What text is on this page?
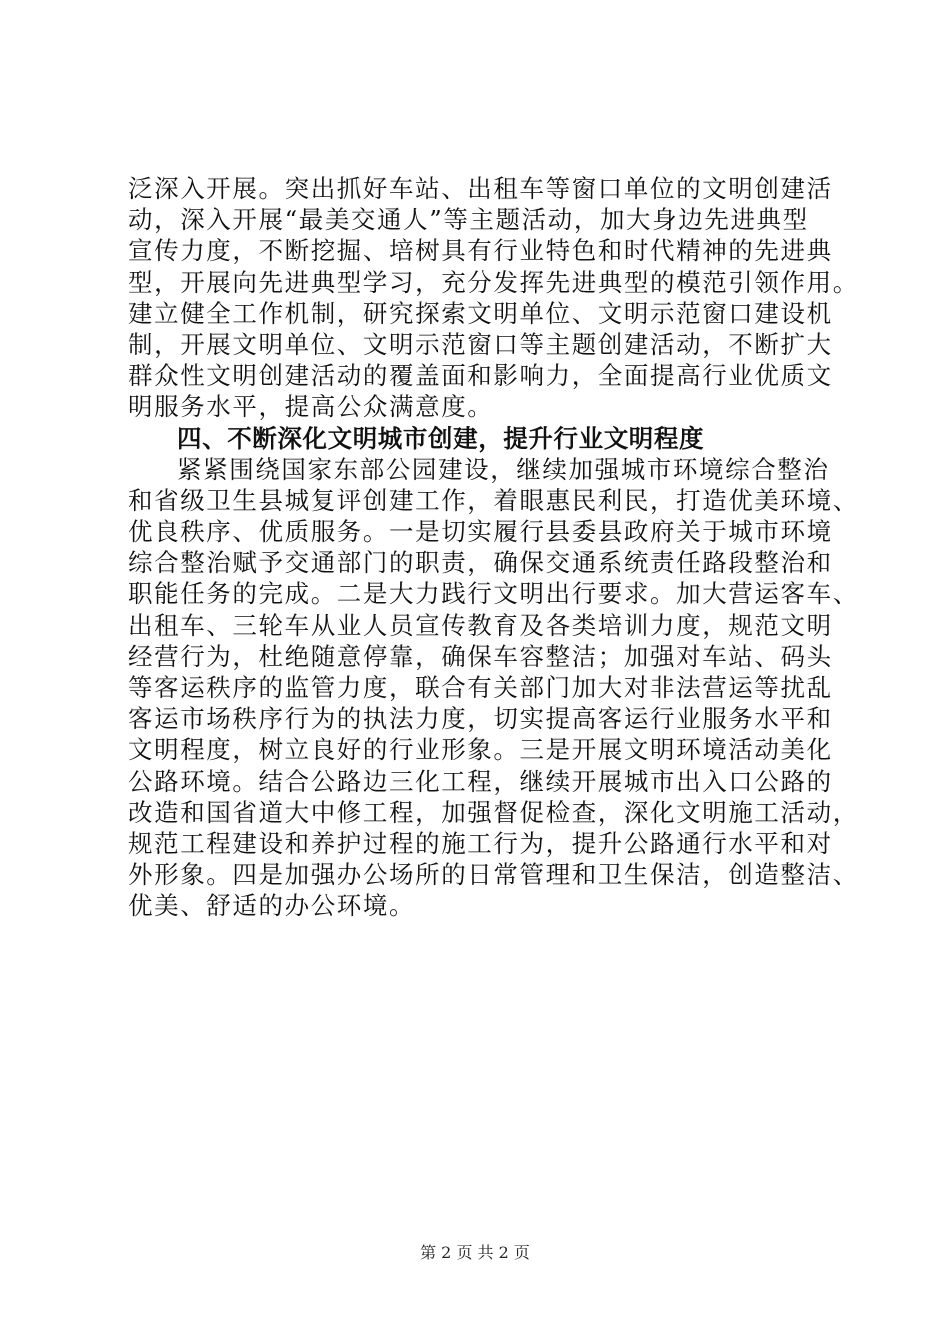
泛深入开展。突出抓好车站、出租车等窗口单位的文明创建活
动，深入开展“最美交通人”等主题活动，加大身边先进典型
宣传力度，不断挖掘、培树具有行业特色和时代精神的先进典
型，开展向先进典型学习，充分发挥先进典型的模范引领作用。
建立健全工作机制，研究探索文明单位、文明示范窗口建设机
制，开展文明单位、文明示范窗口等主题创建活动，不断扩大
群众性文明创建活动的覆盖面和影响力，全面提高行业优质文
明服务水平，提高公众满意度。
四、不断深化文明城市创建，提升行业文明程度
紧紧围绕国家东部公园建设，继续加强城市环境综合整治
和省级卫生县城复评创建工作，着眼惠民利民，打造优美环境、
优良秩序、优质服务。一是切实履行县委县政府关于城市环境
综合整治赋予交通部门的职责，确保交通系统责任路段整治和
职能任务的完成。二是大力践行文明出行要求。加大营运客车、
出租车、三轮车从业人员宣传教育及各类培训力度，规范文明
经营行为，杜绝随意停靠，确保车容整洁；加强对车站、码头
等客运秩序的监管力度，联合有关部门加大对非法营运等扰乱
客运市场秩序行为的执法力度，切实提高客运行业服务水平和
文明程度，树立良好的行业形象。三是开展文明环境活动美化
公路环境。结合公路边三化工程，继续开展城市出入口公路的
改造和国省道大中修工程，加强督促检查，深化文明施工活动，
规范工程建设和养护过程的施工行为，提升公路通行水平和对
外形象。四是加强办公场所的日常管理和卫生保洁，创造整洁、
优美、舒适的办公环境。
第 2 页 共 2 页
